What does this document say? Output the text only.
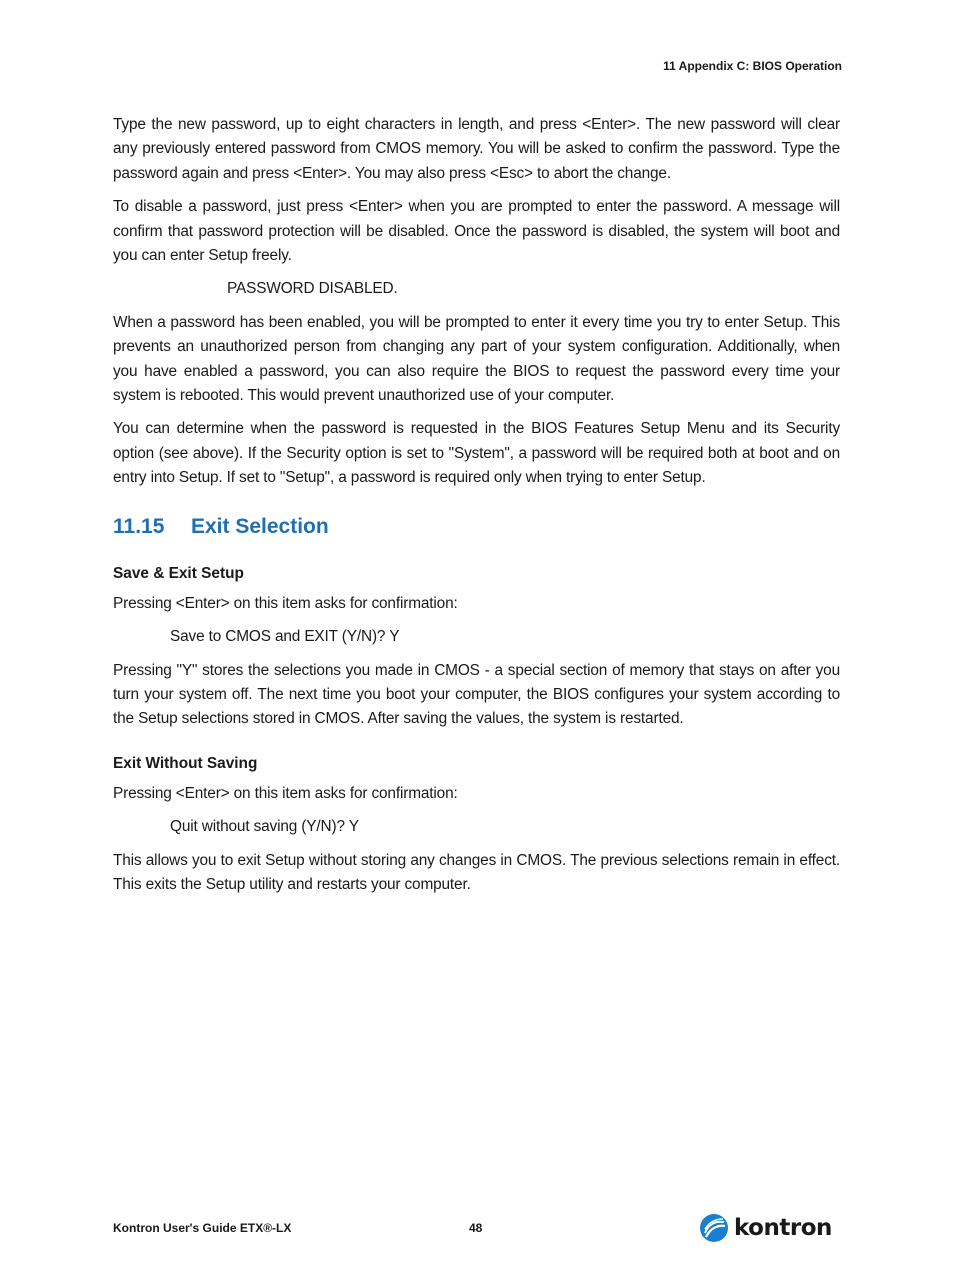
11 Appendix C: BIOS Operation

Type the new password, up to eight characters in length, and press <Enter>. The new password will clear any previously entered password from CMOS memory. You will be asked to confirm the password. Type the password again and press <Enter>. You may also press <Esc> to abort the change.

To disable a password, just press <Enter> when you are prompted to enter the password. A message will confirm that password protection will be disabled. Once the password is disabled, the system will boot and you can enter Setup freely.

PASSWORD DISABLED.

When a password has been enabled, you will be prompted to enter it every time you try to enter Setup. This prevents an unauthorized person from changing any part of your system configuration. Additionally, when you have enabled a password, you can also require the BIOS to request the password every time your system is rebooted. This would prevent unauthorized use of your computer.

You can determine when the password is requested in the BIOS Features Setup Menu and its Security option (see above). If the Security option is set to "System", a password will be required both at boot and on entry into Setup. If set to "Setup", a password is required only when trying to enter Setup.

11.15 Exit Selection
Save & Exit Setup

Pressing <Enter> on this item asks for confirmation:

Save to CMOS and EXIT (Y/N)? Y

Pressing "Y" stores the selections you made in CMOS - a special section of memory that stays on after you turn your system off. The next time you boot your computer, the BIOS configures your system according to the Setup selections stored in CMOS. After saving the values, the system is restarted.

Exit Without Saving

Pressing <Enter> on this item asks for confirmation:

Quit without saving (Y/N)? Y

This allows you to exit Setup without storing any changes in CMOS. The previous selections remain in effect. This exits the Setup utility and restarts your computer.

Kontron User's Guide ETX®-LX	48	kontron
